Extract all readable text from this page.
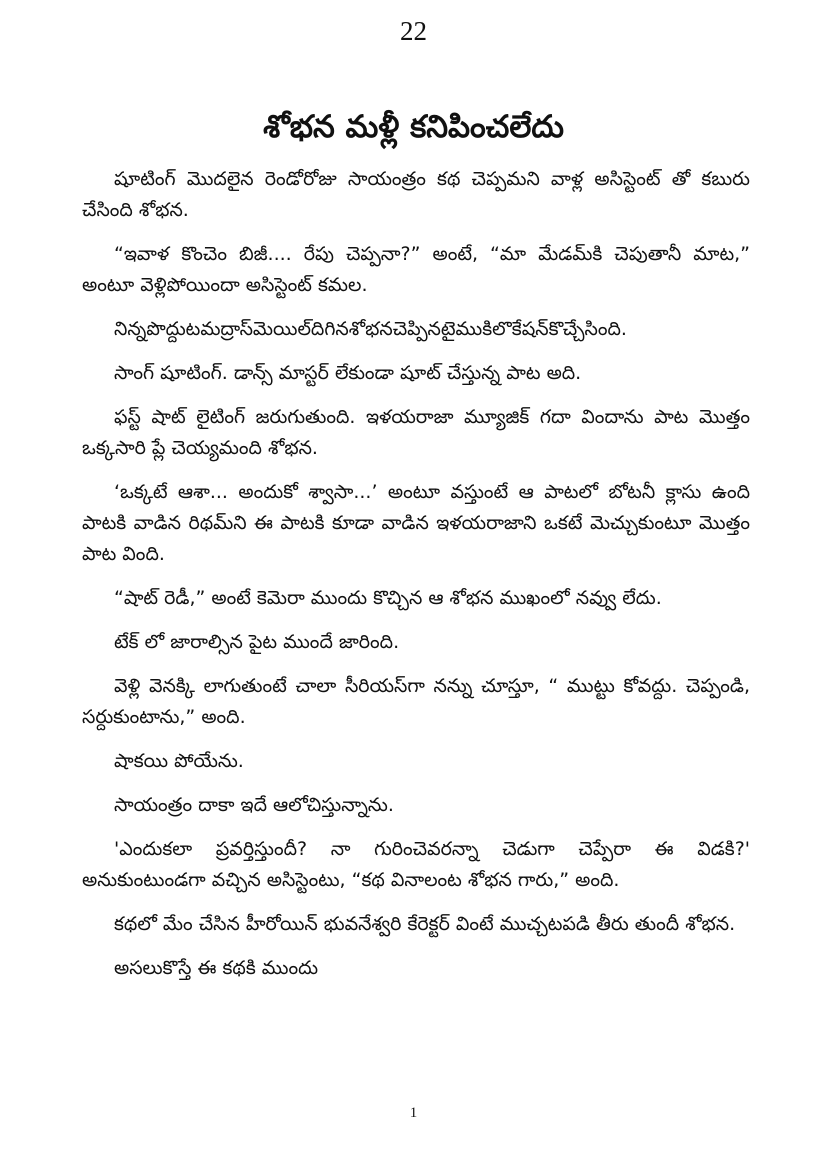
22
శోభన మళ్లీ కనిపించలేదు

షూటింగ్ మొదలైన రెండోరోజు సాయంత్రం కథ చెప్పమని వాళ్ల అసిస్టెంట్ తో కబురు చేసింది శోభన.

“ఇవాళ కొంచెం బిజీ.... రేపు చెప్పనా?” అంటే, “మా మేడమ్‌కి చెపుతానీ మాట,” అంటూ వెళ్లిపోయిందా అసిస్టెంట్ కమల.

నిన్నపొద్దుటమద్రాస్‌మెయిల్‌దిగినశోభనచెప్పినటైముకిలొకేషన్‌కొచ్చేసింది.

సాంగ్ షూటింగ్. డాన్స్ మాస్టర్ లేకుండా షూట్ చేస్తున్న పాట అది.

ఫస్ట్ షాట్ లైటింగ్ జరుగుతుంది. ఇళయరాజా మ్యూజిక్ గదా విందాను పాట మొత్తం ఒక్కసారి ప్లే చెయ్యమంది శోభన.

‘ఒక్కటే ఆశా... అందుకో శ్వాసా...’ అంటూ వస్తుంటే ఆ పాటలో బోటనీ క్లాసు ఉంది పాటకి వాడిన రిథమ్‌ని ఈ పాటకి కూడా వాడిన ఇళయరాజాని ఒకటే మెచ్చుకుంటూ మొత్తం పాట వింది.

“షాట్ రెడీ,” అంటే కెమెరా ముందు కొచ్చిన ఆ శోభన ముఖంలో నవ్వు లేదు.

టేక్ లో జారాల్సిన పైట ముందే జారింది.

వెళ్లి వెనక్కి లాగుతుంటే చాలా సీరియస్‌గా నన్ను చూస్తూ, “ ముట్టు కోవద్దు. చెప్పండి, సర్దుకుంటాను,” అంది.

షాకయి పోయేను.

సాయంత్రం దాకా ఇదే ఆలోచిస్తున్నాను.

'ఎందుకలా ప్రవర్తిస్తుందీ? నా గురించెవరన్నా చెడుగా చెప్పేరా ఈ విడకి?' అనుకుంటుండగా వచ్చిన అసిస్టెంటు, “కథ వినాలంట శోభన గారు,” అంది.

కథలో మేం చేసిన హీరోయిన్ భువనేశ్వరి కేరెక్టర్ వింటే ముచ్చటపడి తీరు తుందీ శోభన.

అసలుకొస్తే ఈ కథకి ముందు

1
